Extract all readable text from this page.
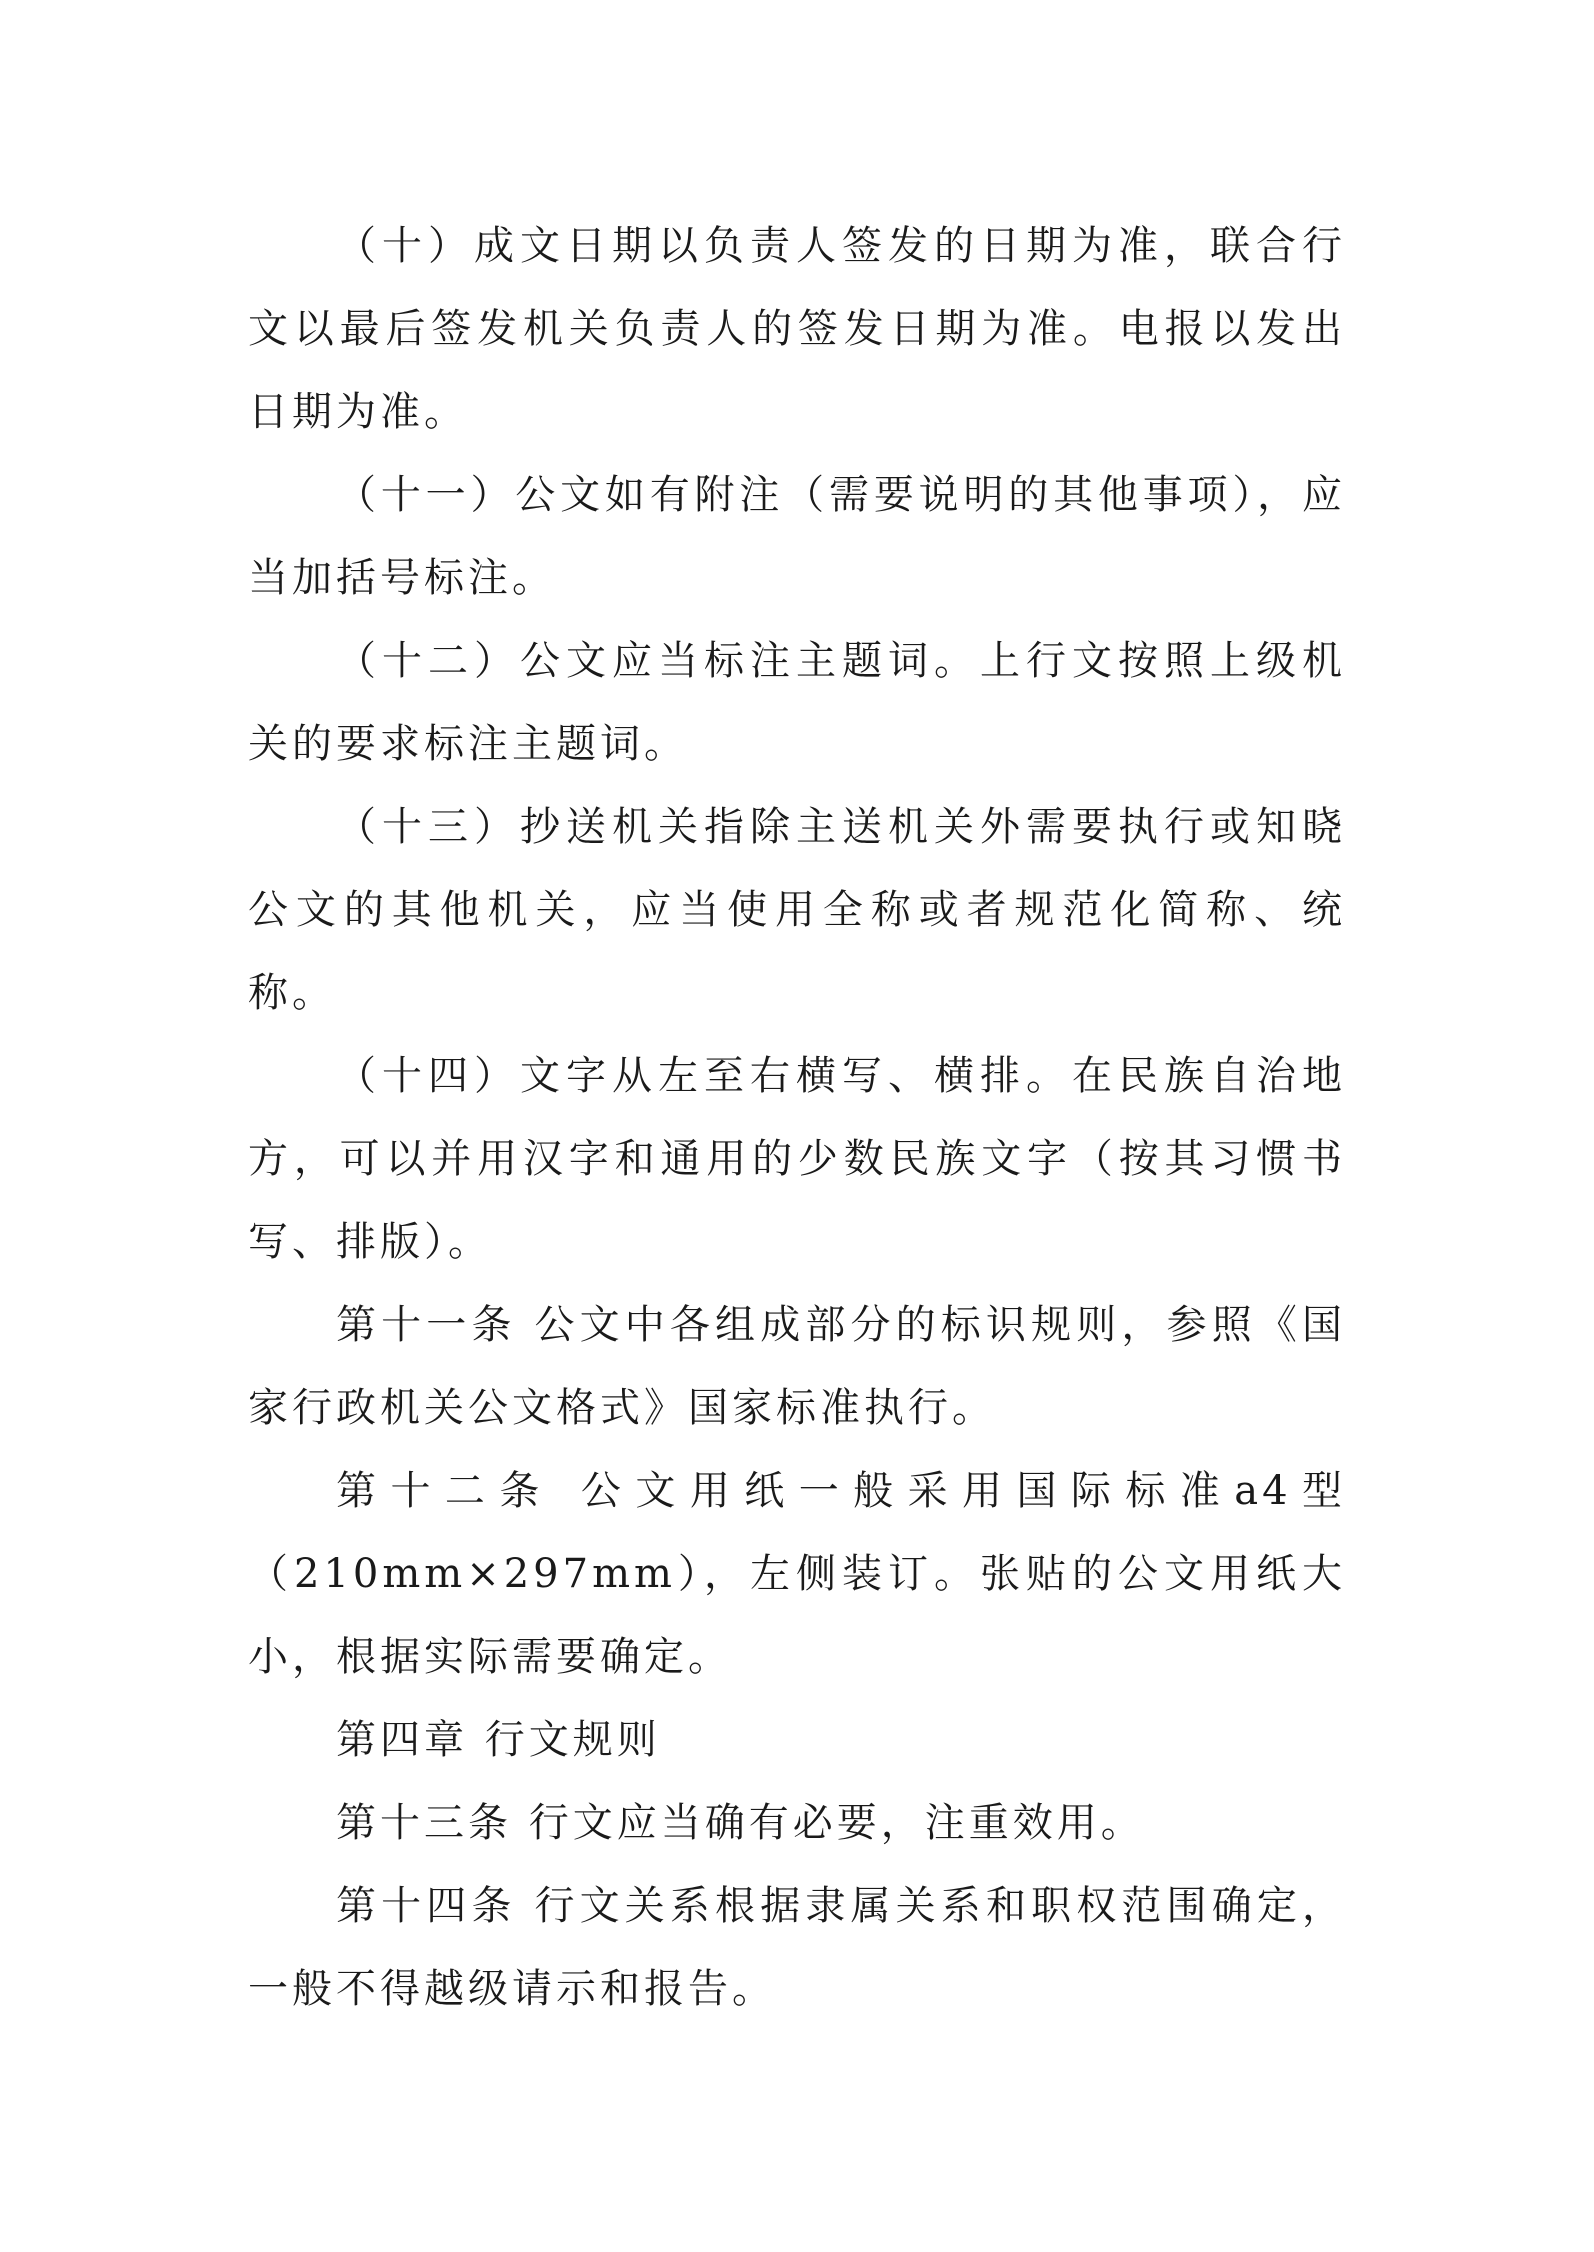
（十）成文日期以负责人签发的日期为准，联合行文以最后签发机关负责人的签发日期为准。电报以发出日期为准。

（十一）公文如有附注（需要说明的其他事项），应当加括号标注。

（十二）公文应当标注主题词。上行文按照上级机关的要求标注主题词。

（十三）抄送机关指除主送机关外需要执行或知晓公文的其他机关，应当使用全称或者规范化简称、统称。

（十四）文字从左至右横写、横排。在民族自治地方，可以并用汉字和通用的少数民族文字（按其习惯书写、排版）。

第十一条 公文中各组成部分的标识规则，参照《国家行政机关公文格式》国家标准执行。

第十二条 公文用纸一般采用国际标准a4型（210mm×297mm），左侧装订。张贴的公文用纸大小，根据实际需要确定。

第四章 行文规则

第十三条 行文应当确有必要，注重效用。

第十四条 行文关系根据隶属关系和职权范围确定，一般不得越级请示和报告。
